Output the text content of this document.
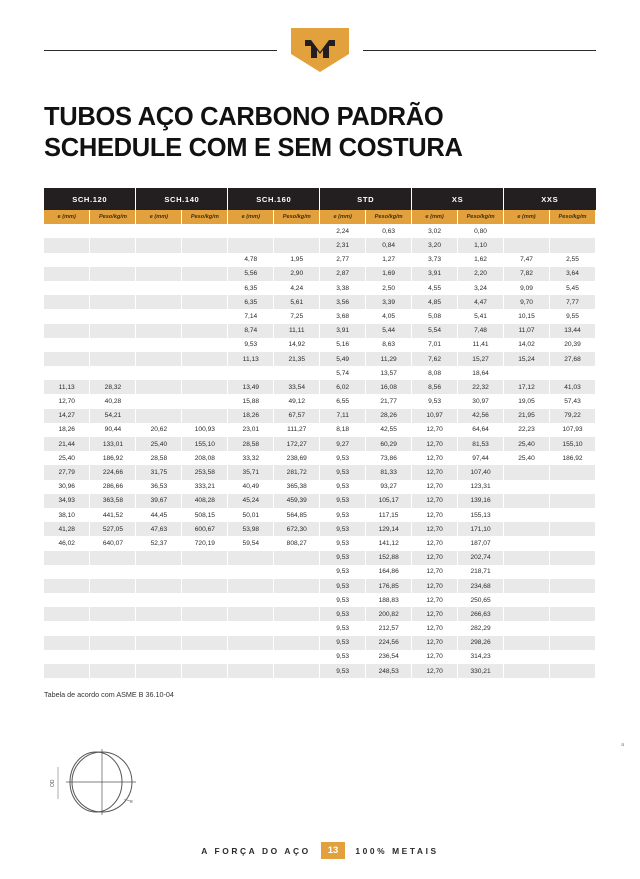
TUBOS AÇO CARBONO PADRÃO
SCHEDULE COM E SEM COSTURA
SCH.120		SCH.140		SCH.160		STD		XS		XXS	
e (mm)	Peso/kg/m	e (mm)	Peso/kg/m	e (mm)	Peso/kg/m	e (mm)	Peso/kg/m	e (mm)	Peso/kg/m	e (mm)	Peso/kg/m
						2,24	0,63	3,02	0,80		
						2,31	0,84	3,20	1,10		
				4,78	1,95	2,77	1,27	3,73	1,62	7,47	2,55
				5,56	2,90	2,87	1,69	3,91	2,20	7,82	3,64
				6,35	4,24	3,38	2,50	4,55	3,24	9,09	5,45
				6,35	5,61	3,56	3,39	4,85	4,47	9,70	7,77
				7,14	7,25	3,68	4,05	5,08	5,41	10,15	9,55
				8,74	11,11	3,91	5,44	5,54	7,48	11,07	13,44
				9,53	14,92	5,16	8,63	7,01	11,41	14,02	20,39
				11,13	21,35	5,49	11,29	7,62	15,27	15,24	27,68
						5,74	13,57	8,08	18,64		
11,13	28,32			13,49	33,54	6,02	16,08	8,56	22,32	17,12	41,03
12,70	40,28			15,88	49,12	6,55	21,77	9,53	30,97	19,05	57,43
14,27	54,21			18,26	67,57	7,11	28,26	10,97	42,56	21,95	79,22
18,26	90,44	20,62	100,93	23,01	111,27	8,18	42,55	12,70	64,64	22,23	107,93
21,44	133,01	25,40	155,10	28,58	172,27	9,27	60,29	12,70	81,53	25,40	155,10
25,40	186,92	28,58	208,08	33,32	238,69	9,53	73,86	12,70	97,44	25,40	186,92
27,79	224,66	31,75	253,58	35,71	281,72	9,53	81,33	12,70	107,40		
30,96	286,66	36,53	333,21	40,49	365,38	9,53	93,27	12,70	123,31		
34,93	363,58	39,67	408,28	45,24	459,39	9,53	105,17	12,70	139,16		
38,10	441,52	44,45	508,15	50,01	564,85	9,53	117,15	12,70	155,13		
41,28	527,05	47,63	600,67	53,98	672,30	9,53	129,14	12,70	171,10		
46,02	640,07	52,37	720,19	59,54	808,27	9,53	141,12	12,70	187,07		
						9,53	152,88	12,70	202,74		
						9,53	164,86	12,70	218,71		
						9,53	176,85	12,70	234,68		
						9,53	188,83	12,70	250,65		
						9,53	200,82	12,70	266,63		
						9,53	212,57	12,70	282,29		
						9,53	224,56	12,70	298,26		
						9,53	236,54	12,70	314,23		
						9,53	248,53	12,70	330,21		
Tabela de acordo com ASME B 36.10-04
a
OD
e
A FORÇA DO AÇO	13	100% METAIS
